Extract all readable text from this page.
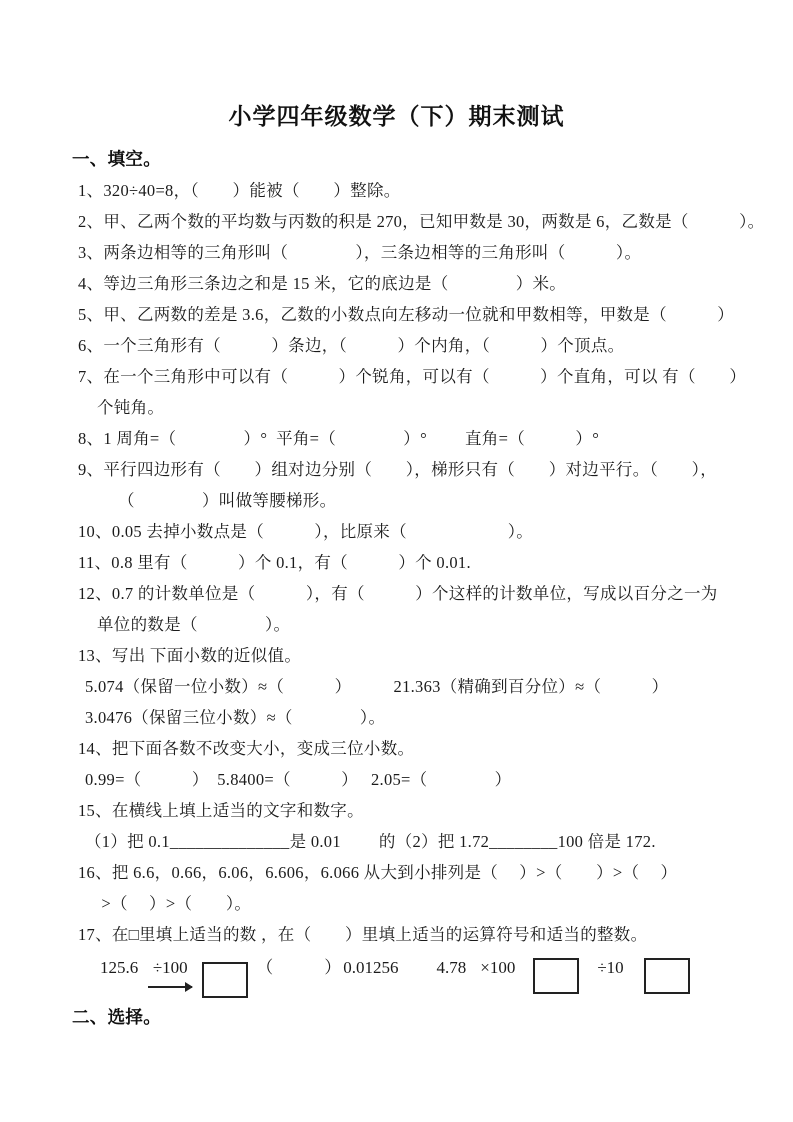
小学四年级数学（下）期末测试
一、填空。
1、320÷40=8，（　　）能被（　　）整除。
2、甲、乙两个数的平均数与丙数的积是 270，已知甲数是 30，两数是 6，乙数是（　　　）。
3、两条边相等的三角形叫（　　　　），三条边相等的三角形叫（　　　）。
4、等边三角形三条边之和是 15 米，它的底边是（　　　　）米。
5、甲、乙两数的差是 3.6，乙数的小数点向左移动一位就和甲数相等，甲数是（　　　）
6、一个三角形有（　　　）条边，（　　　）个内角，（　　　）个顶点。
7、在一个三角形中可以有（　　　）个锐角，可以有（　　　）个直角，可以 有（　　）
个钝角。
8、1 周角=（　　　　）°  平角=（　　　　）°　 　直角=（　　　）°
9、平行四边形有（　　）组对边分别（　　），梯形只有（　　）对边平行。（　　），
（　　　　）叫做等腰梯形。
10、0.05 去掉小数点是（　　　），比原来（　　　　　　）。
11、0.8 里有（　　　）个 0.1，有（　　　）个 0.01.
12、0.7 的计数单位是（　　　），有（　　　）个这样的计数单位，写成以百分之一为
单位的数是（　　　　）。
13、写出 下面小数的近似值。
5.074（保留一位小数）≈（　　　）　　　21.363（精确到百分位）≈（　　　）
3.0476（保留三位小数）≈（　　　　）。
14、把下面各数不改变大小，变成三位小数。
0.99=（　　　）　5.8400=（　　　）　 2.05=（　　　　）
15、在横线上填上适当的文字和数字。
（1）把 0.1______________是 0.01　　 的（2）把 1.72________100 倍是 172.
16、把 6.6，0.66，6.06，6.606，6.066 从大到小排列是（　 ）>（　　）>（　 ）
>（　 ）>（　　）。
17、在□里填上适当的数 ，在（　　）里填上适当的运算符号和适当的整数。
125.6 ÷100	（　　　） 0.01256 4.78 ×100	÷10
二、选择。
